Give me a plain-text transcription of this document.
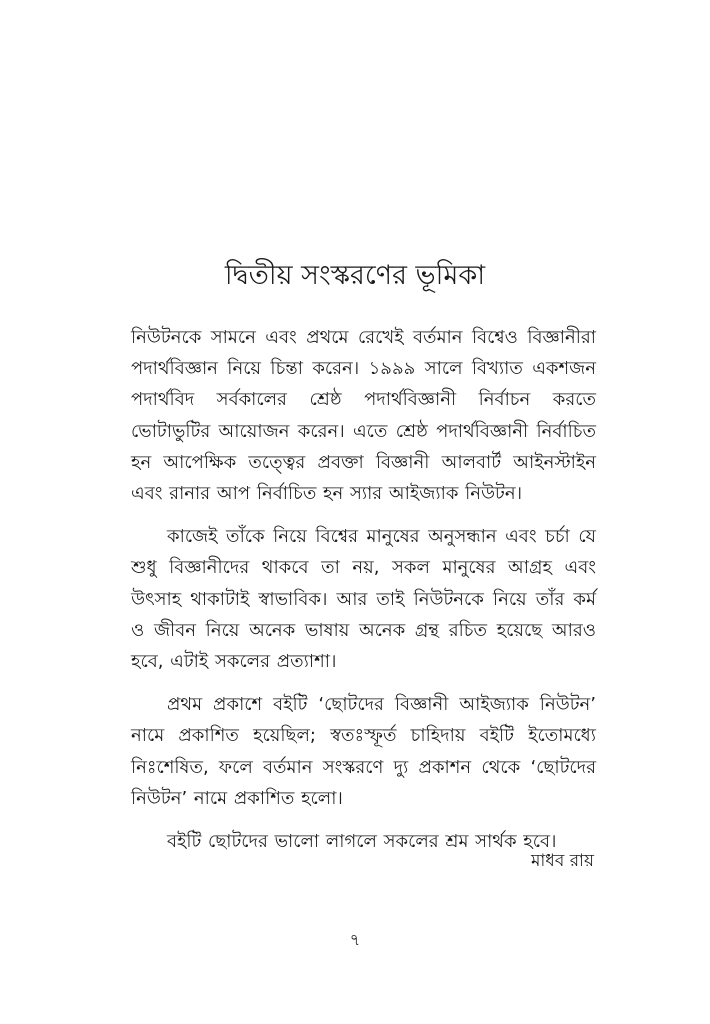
দ্বিতীয় সংস্করণের ভূমিকা

নিউটনকে সামনে এবং প্রথমে রেখেই বর্তমান বিশ্বেও বিজ্ঞানীরা পদার্থবিজ্ঞান নিয়ে চিন্তা করেন। ১৯৯৯ সালে বিখ্যাত একশজন পদার্থবিদ সর্বকালের শ্রেষ্ঠ পদার্থবিজ্ঞানী নির্বাচন করতে ভোটাভুটির আয়োজন করেন। এতে শ্রেষ্ঠ পদার্থবিজ্ঞানী নির্বাচিত হন আপেক্ষিক তত্ত্বের প্রবক্তা বিজ্ঞানী আলবার্ট আইনস্টাইন এবং রানার আপ নির্বাচিত হন স্যার আইজ্যাক নিউটন।

কাজেই তাঁকে নিয়ে বিশ্বের মানুষের অনুসন্ধান এবং চর্চা যে শুধু বিজ্ঞানীদের থাকবে তা নয়, সকল মানুষের আগ্রহ এবং উৎসাহ থাকাটাই স্বাভাবিক। আর তাই নিউটনকে নিয়ে তাঁর কর্ম ও জীবন নিয়ে অনেক ভাষায় অনেক গ্রন্থ রচিত হয়েছে আরও হবে, এটাই সকলের প্রত্যাশা।

প্রথম প্রকাশে বইটি ‘ছোটদের বিজ্ঞানী আইজ্যাক নিউটন’ নামে প্রকাশিত হয়েছিল; স্বতঃস্ফূর্ত চাহিদায় বইটি ইতোমধ্যে নিঃশেষিত, ফলে বর্তমান সংস্করণে দ্যু প্রকাশন থেকে ‘ছোটদের নিউটন’ নামে প্রকাশিত হলো।

বইটি ছোটদের ভালো লাগলে সকলের শ্রম সার্থক হবে।

মাধব রায়

৭
